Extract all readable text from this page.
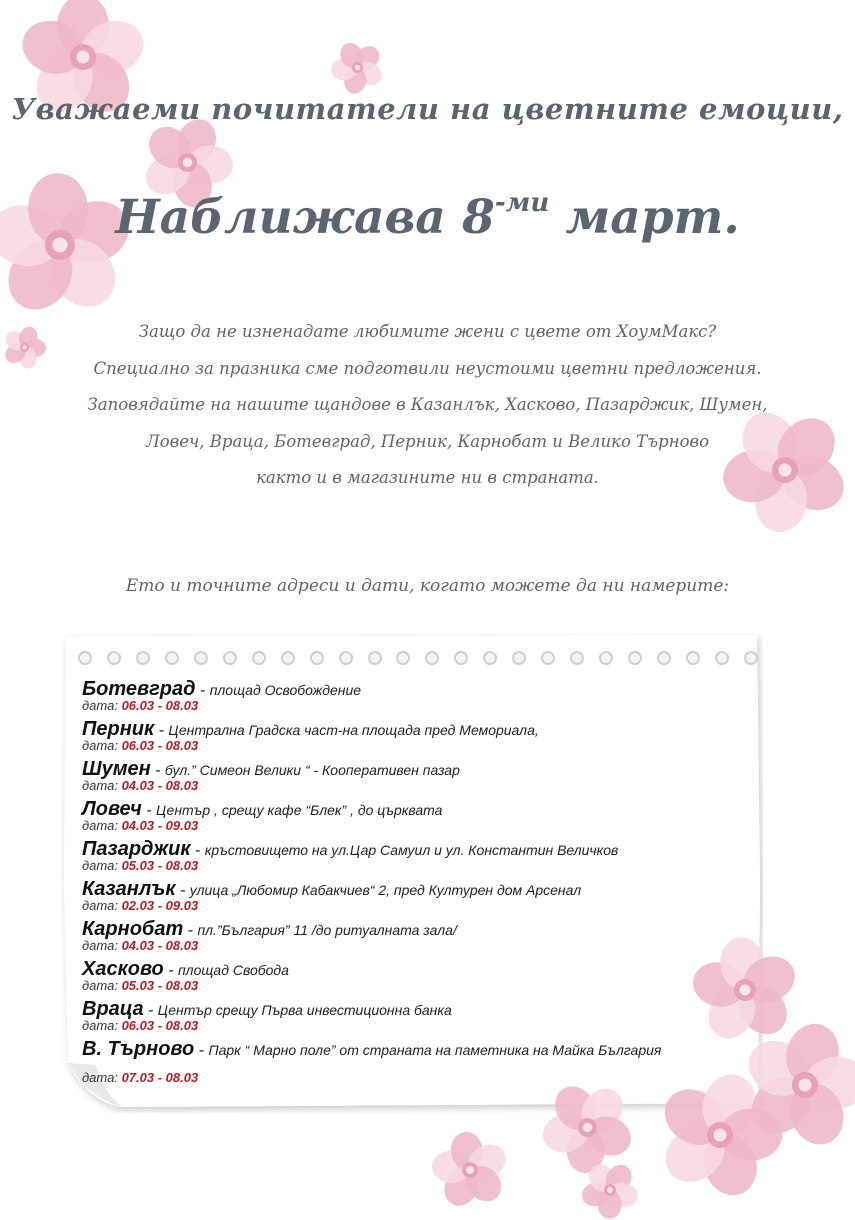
Уважаеми почитатели на цветните емоции,
Наближава $8^{-ми}$ март.
Защо да не изненадате любимите жени с цвете от ХоумМакс?
Специално за празника сме подготвили неустоими цветни предложения.
Заповядайте на нашите щандове в Казанлък, Хасково, Пазарджик, Шумен,
Ловеч, Враца, Ботевград, Перник, Карнобат и Велико Търново
както и в магазините ни в страната.
Ето и точните адреси и дати, когато можете да ни намерите:
Ботевград - площад Освобождение
дата: 06.03 - 08.03
Перник - Централна Градска част-на площада пред Мемориала,
дата: 06.03 - 08.03
Шумен - бул.” Симеон Велики “ - Кооперативен пазар
дата: 04.03 - 08.03
Ловеч - Център , срещу кафе “Блек” , до църквата
дата: 04.03 - 09.03
Пазарджик - кръстовището на ул.Цар Самуил и ул. Константин Величков
дата: 05.03 - 08.03
Казанлък - улица „Любомир Кабакчиев“ 2, пред Културен дом Арсенал
дата: 02.03 - 09.03
Карнобат - пл.”България” 11 /до ритуалната зала/
дата: 04.03 - 08.03
Хасково - площад Свобода
дата: 05.03 - 08.03
Враца - Център срещу Първа инвестиционна банка
дата: 06.03 - 08.03
В. Търново - Парк “ Марно поле” от страната на паметника на Майка България
дата: 07.03 - 08.03
